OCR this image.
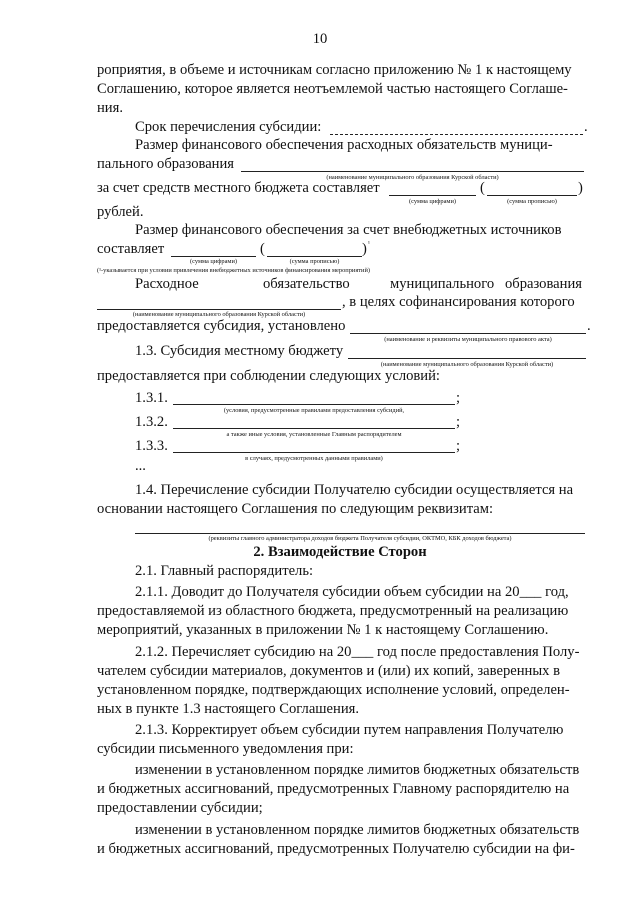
10
роприятия, в объеме и источникам согласно приложению № 1 к настоящему
Соглашению, которое является неотъемлемой частью настоящего Соглаше-
ния.
Срок перечисления субсидии:	.
Размер финансового обеспечения расходных обязательств муници-
пального образования
(наименование муниципального образования Курской области)
за счет средств местного бюджета составляет	(	)
(сумма цифрами)	(сумма прописью)
рублей.
Размер финансового обеспечения за счет внебюджетных источников
составляет	(	) ¹
(сумма цифрами)	(сумма прописью)
(¹-указывается при условии привлечения внебюджетных источников финансирования мероприятий)
Расходное	обязательство	муниципального образования
, в целях софинансирования которого
(наименование муниципального образования Курской области)
предоставляется субсидия, установлено	.
(наименование и реквизиты муниципального правового акта)
1.3. Субсидия местному бюджету
(наименование муниципального образования Курской области)
предоставляется при соблюдении следующих условий:
1.3.1.	;
(условия, предусмотренные правилами предоставления субсидий,
1.3.2.	;
а также иные условия, установленные Главным распорядителем
1.3.3.	;
в случаях, предусмотренных данными правилами)
...
1.4. Перечисление субсидии Получателю субсидии осуществляется на
основании настоящего Соглашения по следующим реквизитам:
(реквизиты главного администратора доходов бюджета Получателя субсидии, ОКТМО, КБК доходов бюджета)
2. Взаимодействие Сторон
2.1. Главный распорядитель:
2.1.1. Доводит до Получателя субсидии объем субсидии на 20___ год,
предоставляемой из областного бюджета, предусмотренный на реализацию
мероприятий, указанных в приложении № 1 к настоящему Соглашению.
2.1.2. Перечисляет субсидию на 20___ год после предоставления Полу-
чателем субсидии материалов, документов и (или) их копий, заверенных в
установленном порядке, подтверждающих исполнение условий, определен-
ных в пункте 1.3 настоящего Соглашения.
2.1.3. Корректирует объем субсидии путем направления Получателю
субсидии письменного уведомления при:
изменении в установленном порядке лимитов бюджетных обязательств
и бюджетных ассигнований, предусмотренных Главному распорядителю на
предоставлении субсидии;
изменении в установленном порядке лимитов бюджетных обязательств
и бюджетных ассигнований, предусмотренных Получателю субсидии на фи-
